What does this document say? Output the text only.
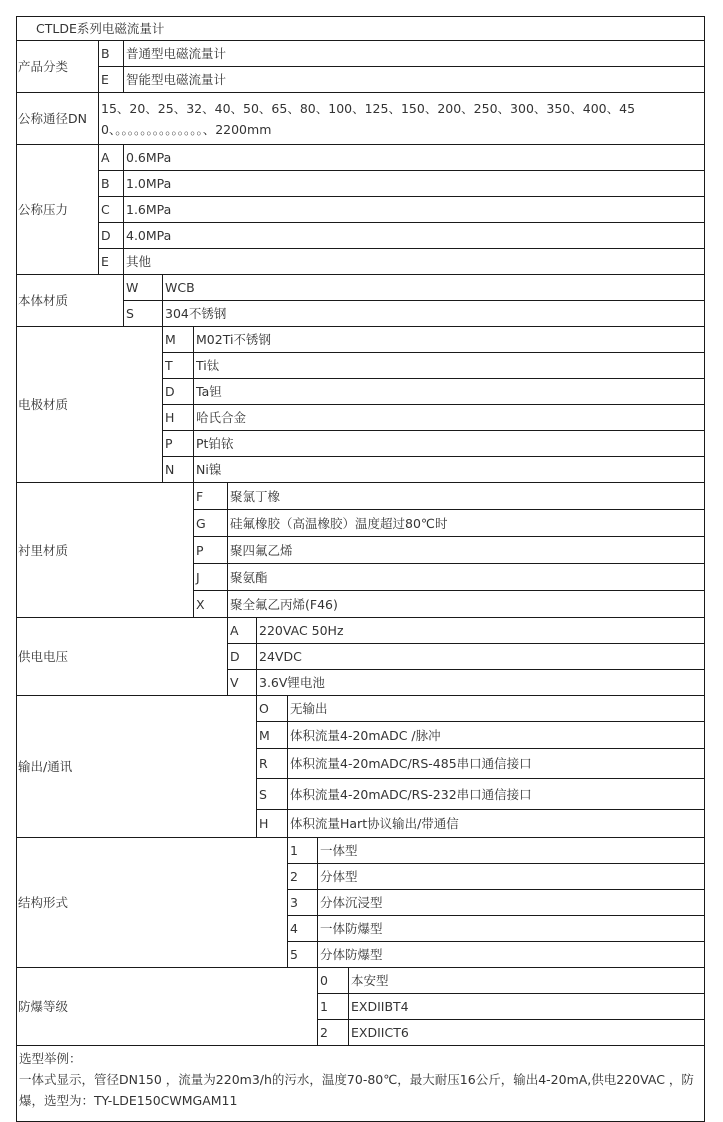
CTLDE系列电磁流量计									
产品分类	B	普通型电磁流量计							
	E	智能型电磁流量计							
公称通径DN	15、20、25、32、40、50、65、80、100、125、150、200、250、300、350、400、450、。。。。。。。。。。。。。。、2200mm								
公称压力	A	0.6MPa							
	B	1.0MPa							
	C	1.6MPa							
	D	4.0MPa							
	E	其他							
本体材质		W	WCB						
		S	304不锈钢						
电极材质			M	M02Ti不锈钢					
			T	Ti钛					
			D	Ta钽					
			H	哈氏合金					
			P	Pt铂铱					
			N	Ni镍					
衬里材质				F	聚氯丁橡				
				G	硅氟橡胶（高温橡胶）温度超过80℃时				
				P	聚四氟乙烯				
				J	聚氨酯				
				X	聚全氟乙丙烯(F46)				
供电电压					A	220VAC 50Hz			
					D	24VDC			
					V	3.6V锂电池			
输出/通讯						O	无输出		
						M	体积流量4-20mADC /脉冲		
						R	体积流量4-20mADC/RS-485串口通信接口		
						S	体积流量4-20mADC/RS-232串口通信接口		
						H	体积流量Hart协议输出/带通信		
结构形式							1	一体型	
							2	分体型	
							3	分体沉浸型	
							4	一体防爆型	
							5	分体防爆型	
防爆等级								0	本安型
								1	EXDIIBT4
								2	EXDIICT6

选型举例：
一体式显示，管径DN150 ，流量为220m3/h的污水，温度70-80℃，最大耐压16公斤，输出4-20mA,供电220VAC ，防爆，选型为：TY-LDE150CWMGAM11									
